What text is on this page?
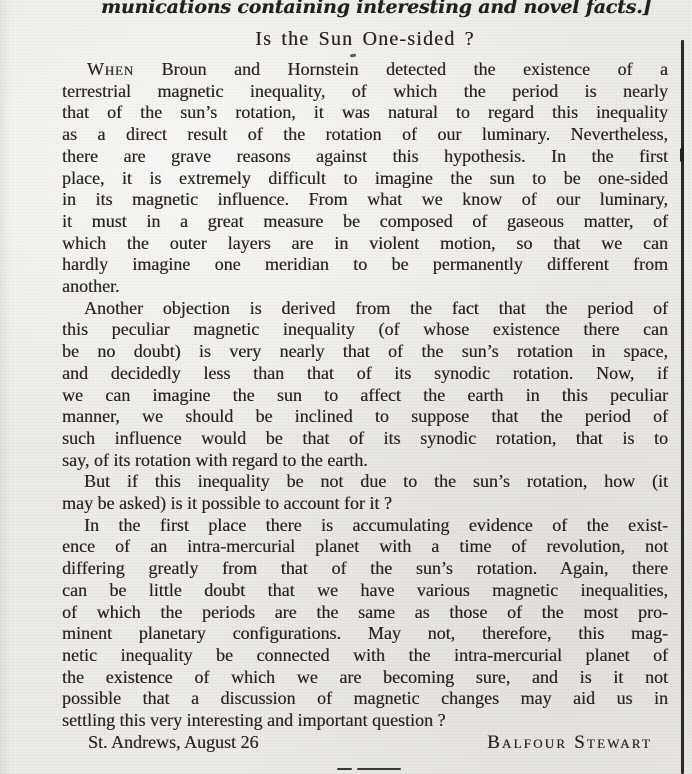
munications containing interesting and novel facts.]
Is the Sun One-sided ?
When Broun and Hornstein detected the existence of a
terrestrial magnetic inequality, of which the period is nearly
that of the sun’s rotation, it was natural to regard this inequality
as a direct result of the rotation of our luminary. Nevertheless,
there are grave reasons against this hypothesis. In the first
place, it is extremely difficult to imagine the sun to be one-sided
in its magnetic influence. From what we know of our luminary,
it must in a great measure be composed of gaseous matter, of
which the outer layers are in violent motion, so that we can
hardly imagine one meridian to be permanently different from
another.
Another objection is derived from the fact that the period of
this peculiar magnetic inequality (of whose existence there can
be no doubt) is very nearly that of the sun’s rotation in space,
and decidedly less than that of its synodic rotation. Now, if
we can imagine the sun to affect the earth in this peculiar
manner, we should be inclined to suppose that the period of
such influence would be that of its synodic rotation, that is to
say, of its rotation with regard to the earth.
But if this inequality be not due to the sun’s rotation, how (it
may be asked) is it possible to account for it ?
In the first place there is accumulating evidence of the exist-
ence of an intra-mercurial planet with a time of revolution, not
differing greatly from that of the sun’s rotation. Again, there
can be little doubt that we have various magnetic inequalities,
of which the periods are the same as those of the most pro-
minent planetary configurations. May not, therefore, this mag-
netic inequality be connected with the intra-mercurial planet of
the existence of which we are becoming sure, and is it not
possible that a discussion of magnetic changes may aid us in
settling this very interesting and important question ?
St. Andrews, August 26	Balfour Stewart
